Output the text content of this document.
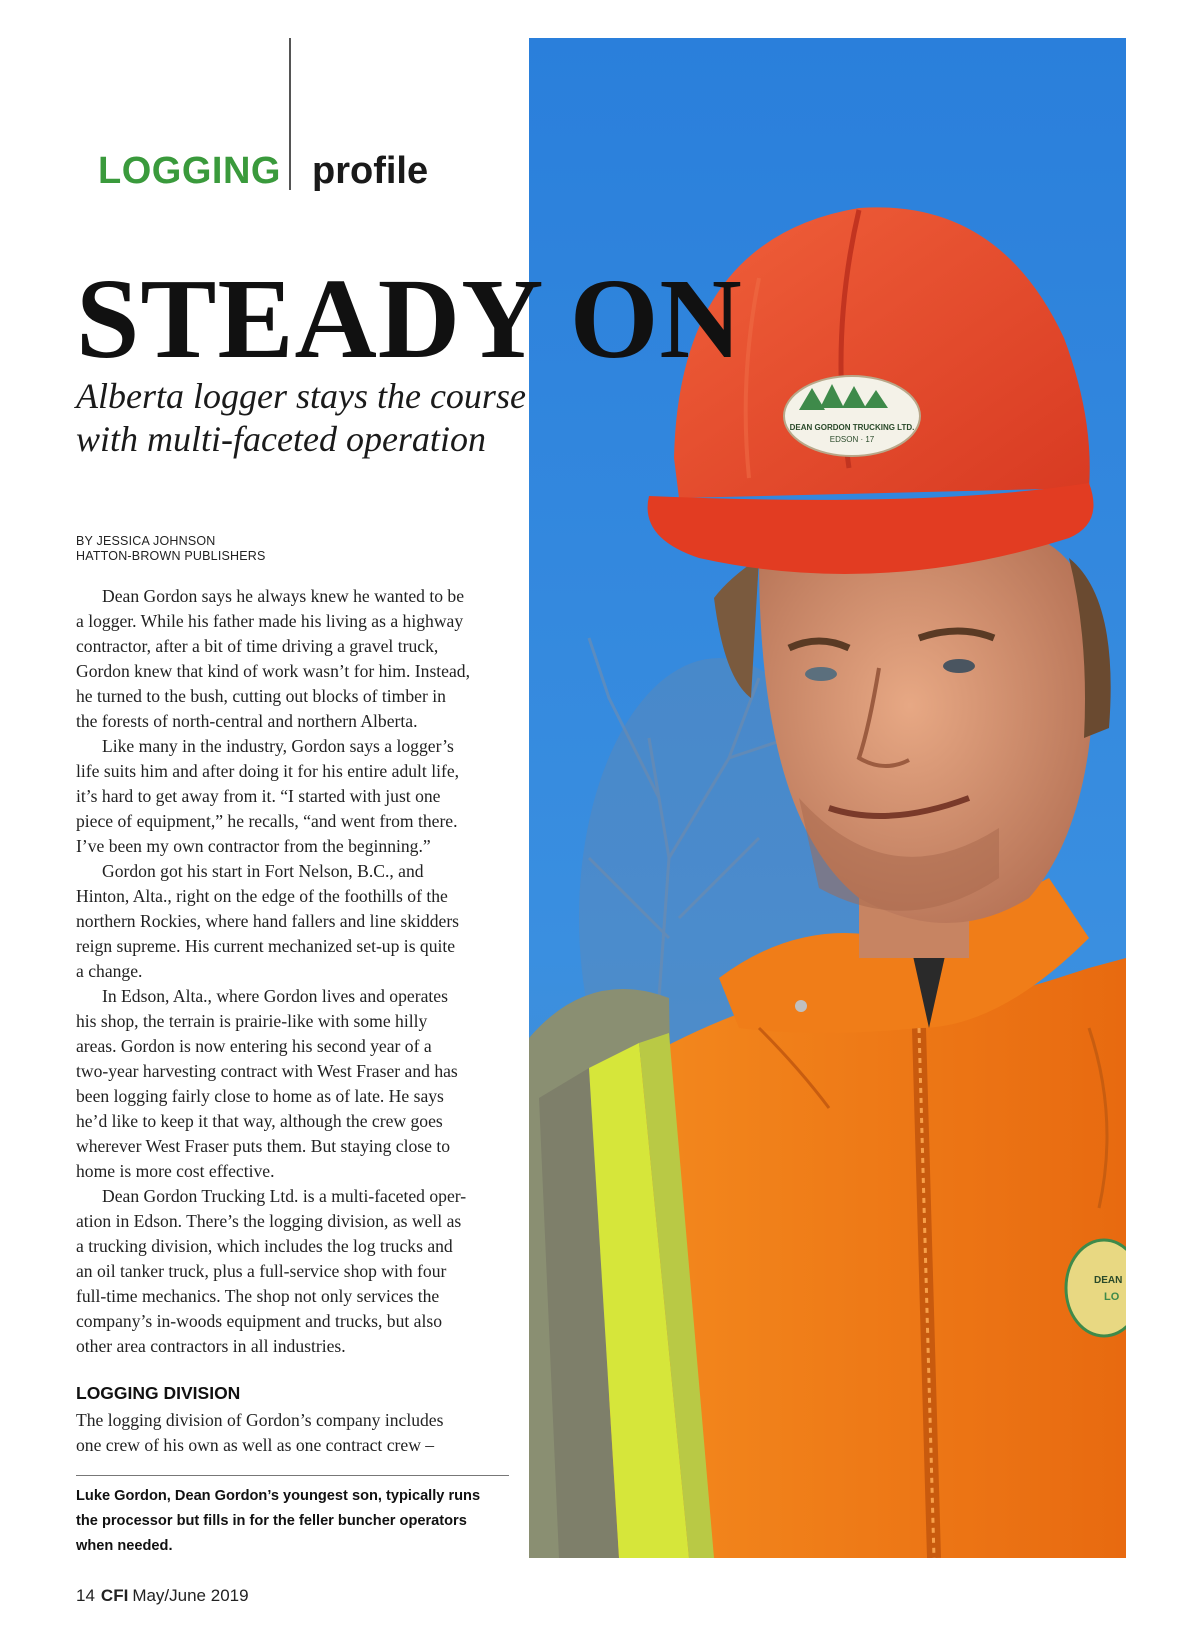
LOGGING profile
DEAN GORDON TRUCKING LTD.
EDSON · 17
DEAN
LO
STEADY ON
Alberta logger stays the course
with multi-faceted operation
BY JESSICA JOHNSON
HATTON-BROWN PUBLISHERS
Dean Gordon says he always knew he wanted to be
a logger. While his father made his living as a highway
contractor, after a bit of time driving a gravel truck,
Gordon knew that kind of work wasn’t for him. Instead,
he turned to the bush, cutting out blocks of timber in
the forests of north-central and northern Alberta.
Like many in the industry, Gordon says a logger’s
life suits him and after doing it for his entire adult life,
it’s hard to get away from it. “I started with just one
piece of equipment,” he recalls, “and went from there.
I’ve been my own contractor from the beginning.”
Gordon got his start in Fort Nelson, B.C., and
Hinton, Alta., right on the edge of the foothills of the
northern Rockies, where hand fallers and line skidders
reign supreme. His current mechanized set-up is quite
a change.
In Edson, Alta., where Gordon lives and operates
his shop, the terrain is prairie-like with some hilly
areas. Gordon is now entering his second year of a
two-year harvesting contract with West Fraser and has
been logging fairly close to home as of late. He says
he’d like to keep it that way, although the crew goes
wherever West Fraser puts them. But staying close to
home is more cost effective.
Dean Gordon Trucking Ltd. is a multi-faceted oper-
ation in Edson. There’s the logging division, as well as
a trucking division, which includes the log trucks and
an oil tanker truck, plus a full-service shop with four
full-time mechanics. The shop not only services the
company’s in-woods equipment and trucks, but also
other area contractors in all industries.
LOGGING DIVISION
The logging division of Gordon’s company includes
one crew of his own as well as one contract crew –
Luke Gordon, Dean Gordon’s youngest son, typically runs
the processor but fills in for the feller buncher operators
when needed.
14 CFI May/June 2019
